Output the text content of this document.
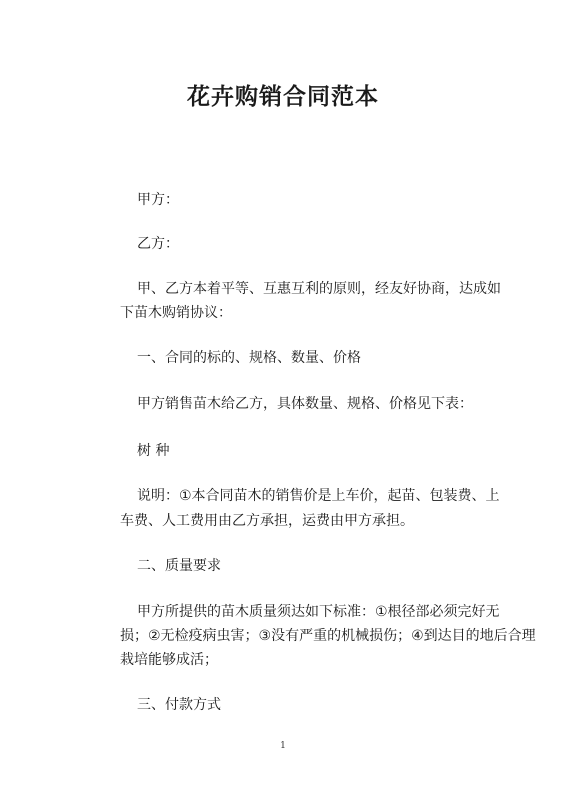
花卉购销合同范本
甲方：
乙方：
甲、乙方本着平等、互惠互利的原则，经友好协商，达成如
下苗木购销协议：
一、合同的标的、规格、数量、价格
甲方销售苗木给乙方，具体数量、规格、价格见下表：
树 种
说明：①本合同苗木的销售价是上车价，起苗、包装费、上
车费、人工费用由乙方承担，运费由甲方承担。
二、质量要求
甲方所提供的苗木质量须达如下标准：①根径部必须完好无
损；②无检疫病虫害；③没有严重的机械损伤；④到达目的地后合理
栽培能够成活；
三、付款方式
1
